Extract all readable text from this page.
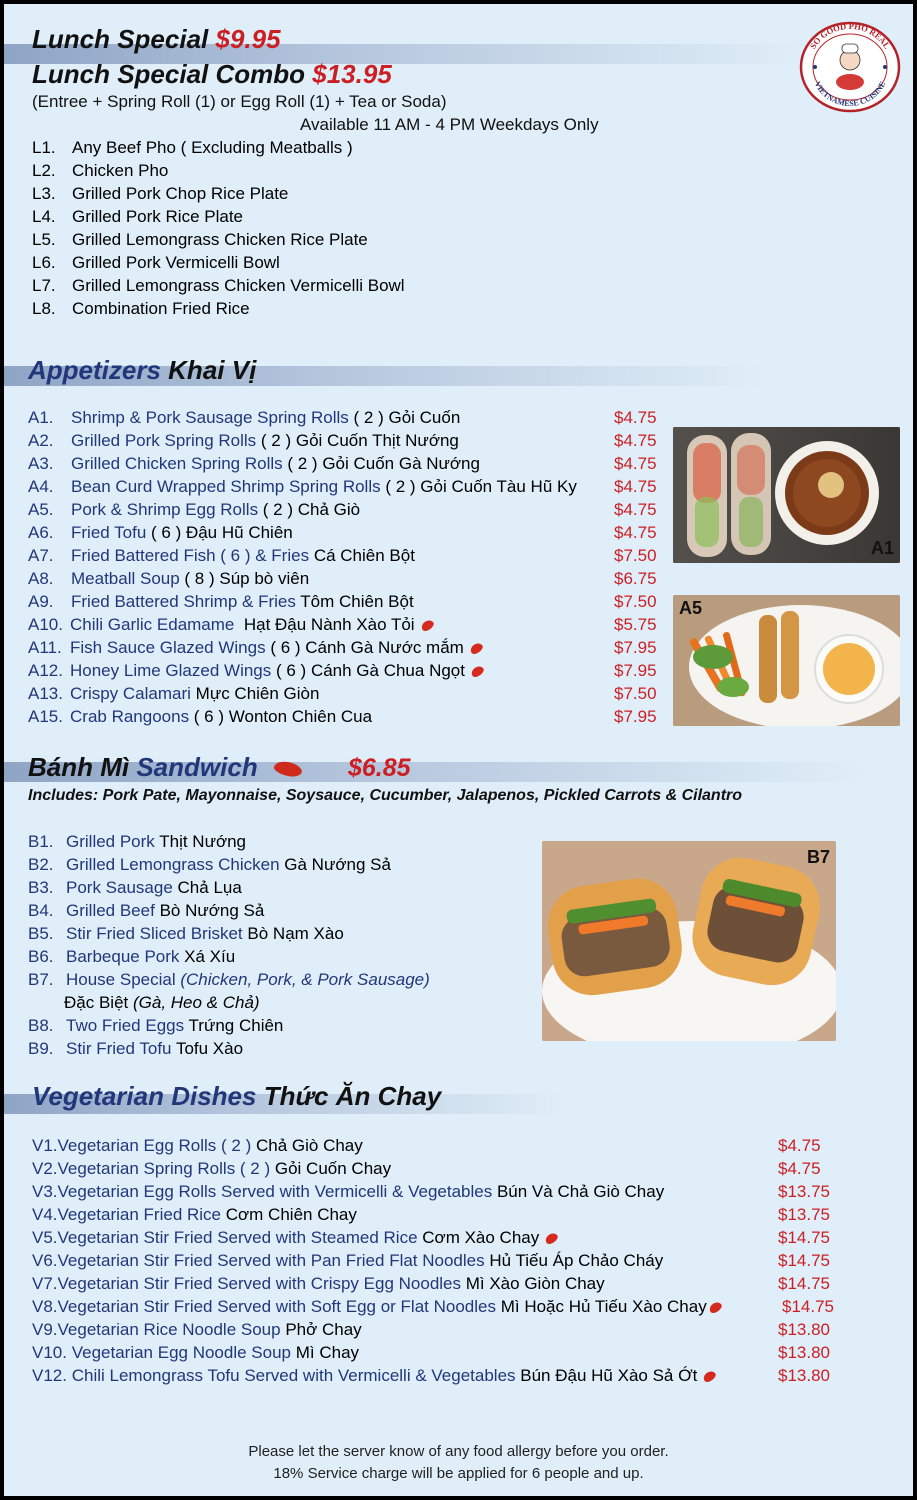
Lunch Special $9.95
Lunch Special Combo $13.95
(Entree + Spring Roll (1) or Egg Roll (1) + Tea or Soda)
Available 11 AM - 4 PM Weekdays Only
L1. Any Beef Pho ( Excluding Meatballs )
L2. Chicken Pho
L3. Grilled Pork Chop Rice Plate
L4. Grilled Pork Rice Plate
L5. Grilled Lemongrass Chicken Rice Plate
L6. Grilled Pork Vermicelli Bowl
L7. Grilled Lemongrass Chicken Vermicelli Bowl
L8. Combination Fried Rice
SO GOOD PHO REAL
VIETNAMESE CUISINE
Appetizers Khai Vị
A1. Shrimp & Pork Sausage Spring Rolls ( 2 ) Gỏi Cuốn	$4.75
A2. Grilled Pork Spring Rolls ( 2 ) Gỏi Cuốn Thịt Nướng	$4.75
A3. Grilled Chicken Spring Rolls ( 2 ) Gỏi Cuốn Gà Nướng	$4.75
A4. Bean Curd Wrapped Shrimp Spring Rolls ( 2 ) Gỏi Cuốn Tàu Hũ Ky $4.75
A5. Pork & Shrimp Egg Rolls ( 2 ) Chả Giò	$4.75
A6. Fried Tofu ( 6 ) Đậu Hũ Chiên	$4.75
A7. Fried Battered Fish ( 6 ) & Fries Cá Chiên Bột	$7.50
A8. Meatball Soup ( 8 ) Súp bò viên	$6.75
A9. Fried Battered Shrimp & Fries Tôm Chiên Bột	$7.50
A10. Chili Garlic Edamame Hạt Đậu Nành Xào Tỏi	$5.75
A11. Fish Sauce Glazed Wings ( 6 ) Cánh Gà Nước mắm	$7.95
A12. Honey Lime Glazed Wings ( 6 ) Cánh Gà Chua Ngọt	$7.95
A13. Crispy Calamari Mực Chiên Giòn	$7.50
A15. Crab Rangoons ( 6 ) Wonton Chiên Cua	$7.95
A1
A5
Bánh Mì Sandwich	$6.85
Includes: Pork Pate, Mayonnaise, Soysauce, Cucumber, Jalapenos, Pickled Carrots & Cilantro
B1. Grilled Pork Thịt Nướng
B2. Grilled Lemongrass Chicken Gà Nướng Sả
B3. Pork Sausage Chả Lụa
B4. Grilled Beef Bò Nướng Sả
B5. Stir Fried Sliced Brisket Bò Nạm Xào
B6. Barbeque Pork Xá Xíu
B7. House Special (Chicken, Pork, & Pork Sausage)
Đặc Biệt (Gà, Heo & Chả)
B8. Two Fried Eggs Trứng Chiên
B9. Stir Fried Tofu Tofu Xào
B7
Vegetarian Dishes Thức Ăn Chay
V1.Vegetarian Egg Rolls ( 2 ) Chả Giò Chay	$4.75
V2.Vegetarian Spring Rolls ( 2 ) Gỏi Cuốn Chay	$4.75
V3.Vegetarian Egg Rolls Served with Vermicelli & Vegetables Bún Và Chả Giò Chay	$13.75
V4.Vegetarian Fried Rice Cơm Chiên Chay	$13.75
V5.Vegetarian Stir Fried Served with Steamed Rice Cơm Xào Chay	$14.75
V6.Vegetarian Stir Fried Served with Pan Fried Flat Noodles Hủ Tiếu Áp Chảo Cháy	$14.75
V7.Vegetarian Stir Fried Served with Crispy Egg Noodles Mì Xào Giòn Chay	$14.75
V8.Vegetarian Stir Fried Served with Soft Egg or Flat Noodles Mì Hoặc Hủ Tiếu Xào Chay	$14.75
V9.Vegetarian Rice Noodle Soup Phở Chay	$13.80
V10. Vegetarian Egg Noodle Soup Mì Chay	$13.80
V12. Chili Lemongrass Tofu Served with Vermicelli & Vegetables Bún Đậu Hũ Xào Sả Ớt	$13.80
Please let the server know of any food allergy before you order.
18% Service charge will be applied for 6 people and up.
